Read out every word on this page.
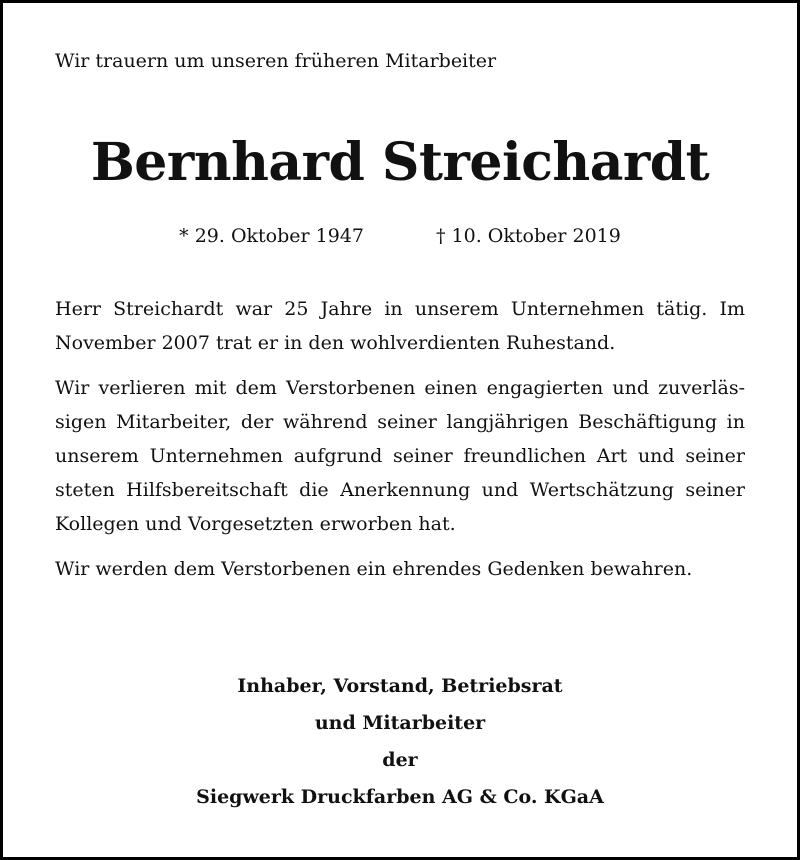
Wir trauern um unseren früheren Mitarbeiter
Bernhard Streichardt
* 29. Oktober 1947	† 10. Oktober 2019

Herr Streichardt war 25 Jahre in unserem Unternehmen tätig. Im November 2007 trat er in den wohlverdienten Ruhestand.

Wir verlieren mit dem Verstorbenen einen engagierten und zuverlässigen Mitarbeiter, der während seiner langjährigen Beschäftigung in unserem Unternehmen aufgrund seiner freundlichen Art und seiner steten Hilfsbereitschaft die Anerkennung und Wertschätzung seiner Kollegen und Vorgesetzten erworben hat.

Wir werden dem Verstorbenen ein ehrendes Gedenken bewahren.

Inhaber, Vorstand, Betriebsrat
und Mitarbeiter
der
Siegwerk Druckfarben AG & Co. KGaA
